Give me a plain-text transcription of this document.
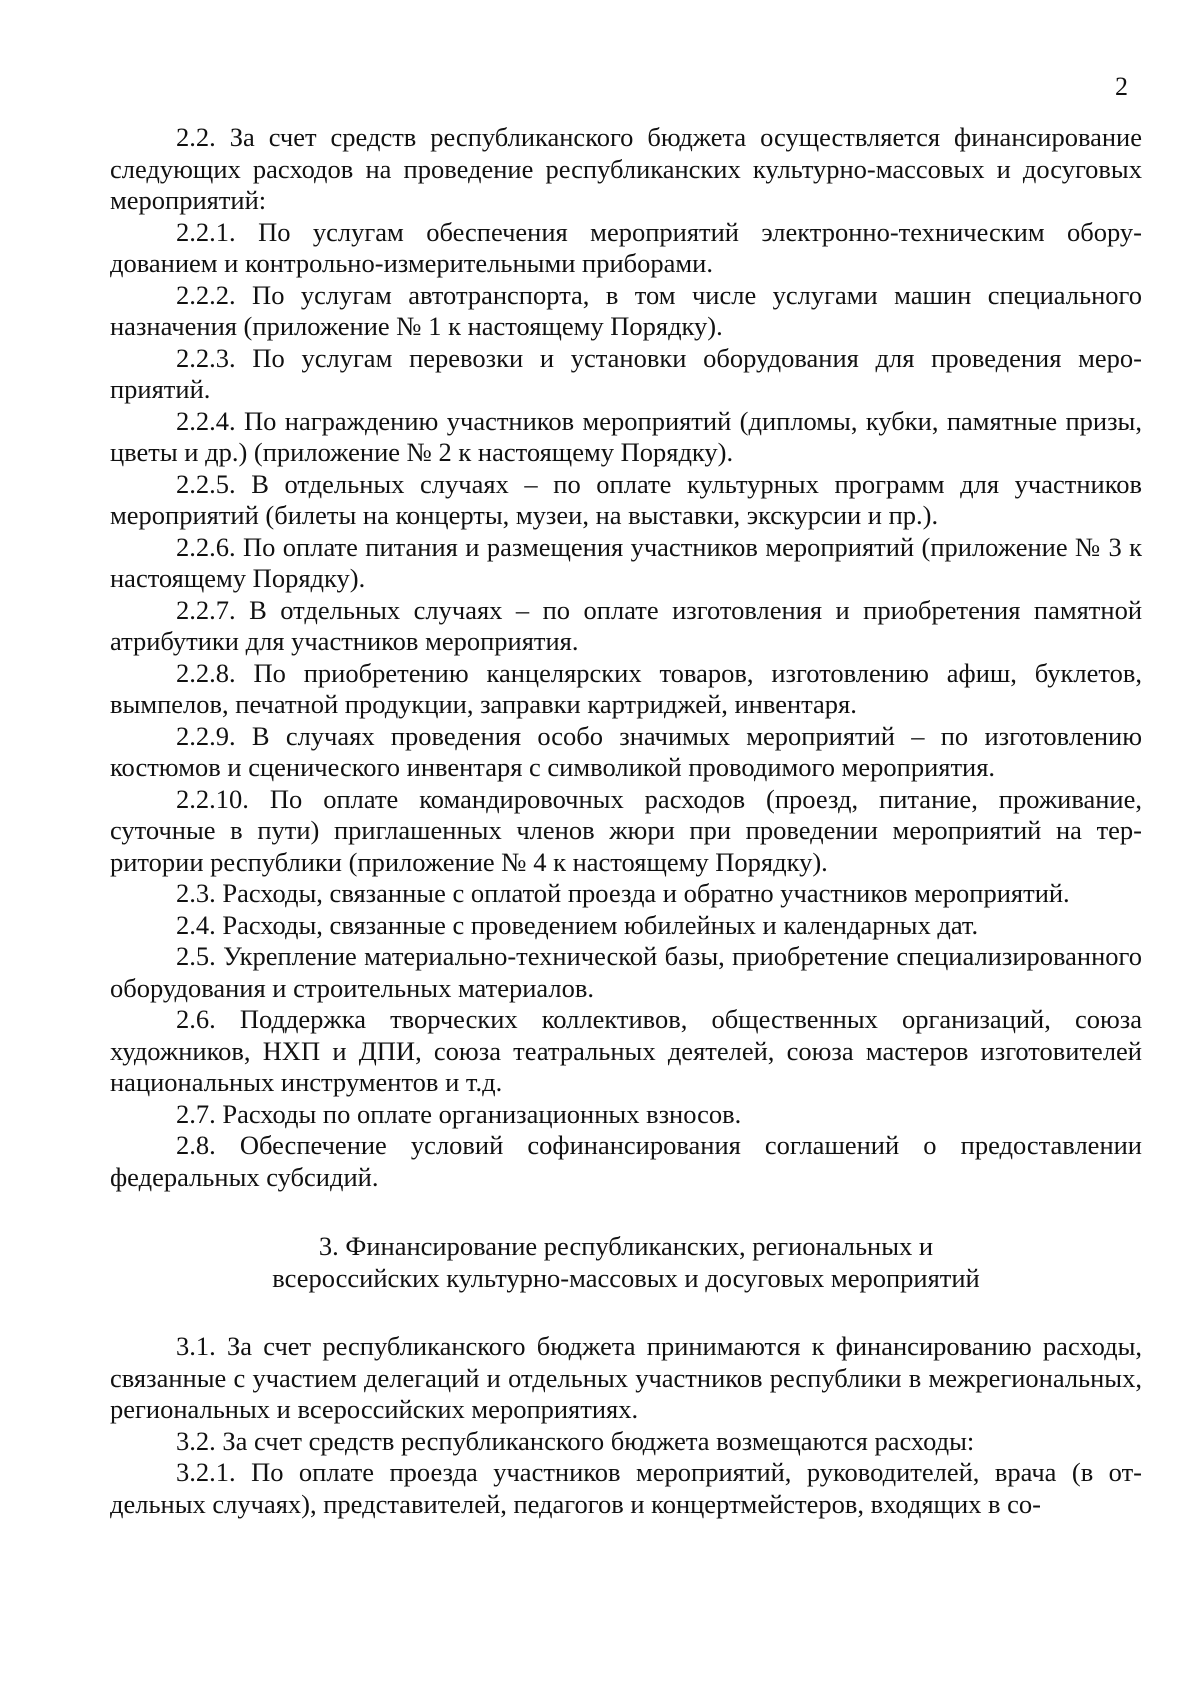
2

2.2. За счет средств республиканского бюджета осуществляется финансирование следующих расходов на проведение республиканских культурно-массовых и досуговых мероприятий:

2.2.1. По услугам обеспечения мероприятий электронно-техническим оборудованием и контрольно-измерительными приборами.

2.2.2. По услугам автотранспорта, в том числе услугами машин специального назначения (приложение № 1 к настоящему Порядку).

2.2.3. По услугам перевозки и установки оборудования для проведения мероприятий.

2.2.4. По награждению участников мероприятий (дипломы, кубки, памятные призы, цветы и др.) (приложение № 2 к настоящему Порядку).

2.2.5. В отдельных случаях – по оплате культурных программ для участников мероприятий (билеты на концерты, музеи, на выставки, экскурсии и пр.).

2.2.6. По оплате питания и размещения участников мероприятий (приложение № 3 к настоящему Порядку).

2.2.7. В отдельных случаях – по оплате изготовления и приобретения памятной атрибутики для участников мероприятия.

2.2.8. По приобретению канцелярских товаров, изготовлению афиш, буклетов, вымпелов, печатной продукции, заправки картриджей, инвентаря.

2.2.9. В случаях проведения особо значимых мероприятий – по изготовлению костюмов и сценического инвентаря с символикой проводимого мероприятия.

2.2.10. По оплате командировочных расходов (проезд, питание, проживание, суточные в пути) приглашенных членов жюри при проведении мероприятий на территории республики (приложение № 4 к настоящему Порядку).

2.3. Расходы, связанные с оплатой проезда и обратно участников мероприятий.

2.4. Расходы, связанные с проведением юбилейных и календарных дат.

2.5. Укрепление материально-технической базы, приобретение специализированного оборудования и строительных материалов.

2.6. Поддержка творческих коллективов, общественных организаций, союза художников, НХП и ДПИ, союза театральных деятелей, союза мастеров изготовителей национальных инструментов и т.д.

2.7. Расходы по оплате организационных взносов.

2.8. Обеспечение условий софинансирования соглашений о предоставлении федеральных субсидий.

3. Финансирование республиканских, региональных и
всероссийских культурно-массовых и досуговых мероприятий

3.1. За счет республиканского бюджета принимаются к финансированию расходы, связанные с участием делегаций и отдельных участников республики в межрегиональных, региональных и всероссийских мероприятиях.

3.2. За счет средств республиканского бюджета возмещаются расходы:

3.2.1. По оплате проезда участников мероприятий, руководителей, врача (в отдельных случаях), представителей, педагогов и концертмейстеров, входящих в со-
